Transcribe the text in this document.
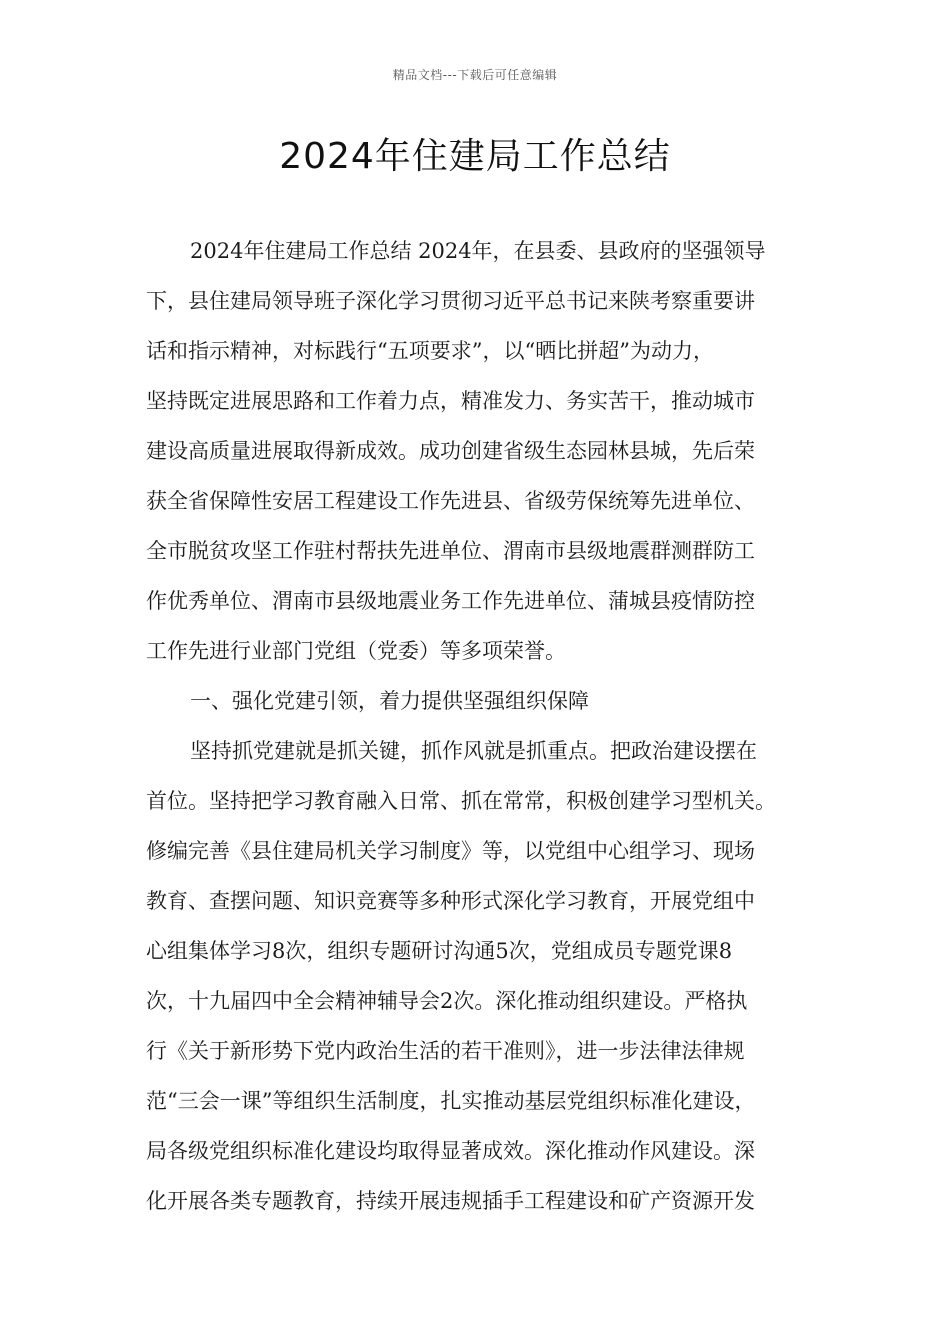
精品文档---下载后可任意编辑
2024年住建局工作总结
2024年住建局工作总结 2024年，在县委、县政府的坚强领导
下，县住建局领导班子深化学习贯彻习近平总书记来陕考察重要讲
话和指示精神，对标践行“五项要求”，以“晒比拼超”为动力，
坚持既定进展思路和工作着力点，精准发力、务实苦干，推动城市
建设高质量进展取得新成效。成功创建省级生态园林县城，先后荣
获全省保障性安居工程建设工作先进县、省级劳保统筹先进单位、
全市脱贫攻坚工作驻村帮扶先进单位、渭南市县级地震群测群防工
作优秀单位、渭南市县级地震业务工作先进单位、蒲城县疫情防控
工作先进行业部门党组（党委）等多项荣誉。
一、强化党建引领，着力提供坚强组织保障
坚持抓党建就是抓关键，抓作风就是抓重点。把政治建设摆在
首位。坚持把学习教育融入日常、抓在常常，积极创建学习型机关。
修编完善《县住建局机关学习制度》等，以党组中心组学习、现场
教育、查摆问题、知识竞赛等多种形式深化学习教育，开展党组中
心组集体学习8次，组织专题研讨沟通5次，党组成员专题党课8
次，十九届四中全会精神辅导会2次。深化推动组织建设。严格执
行《关于新形势下党内政治生活的若干准则》，进一步法律法律规
范“三会一课”等组织生活制度，扎实推动基层党组织标准化建设，
局各级党组织标准化建设均取得显著成效。深化推动作风建设。深
化开展各类专题教育，持续开展违规插手工程建设和矿产资源开发
